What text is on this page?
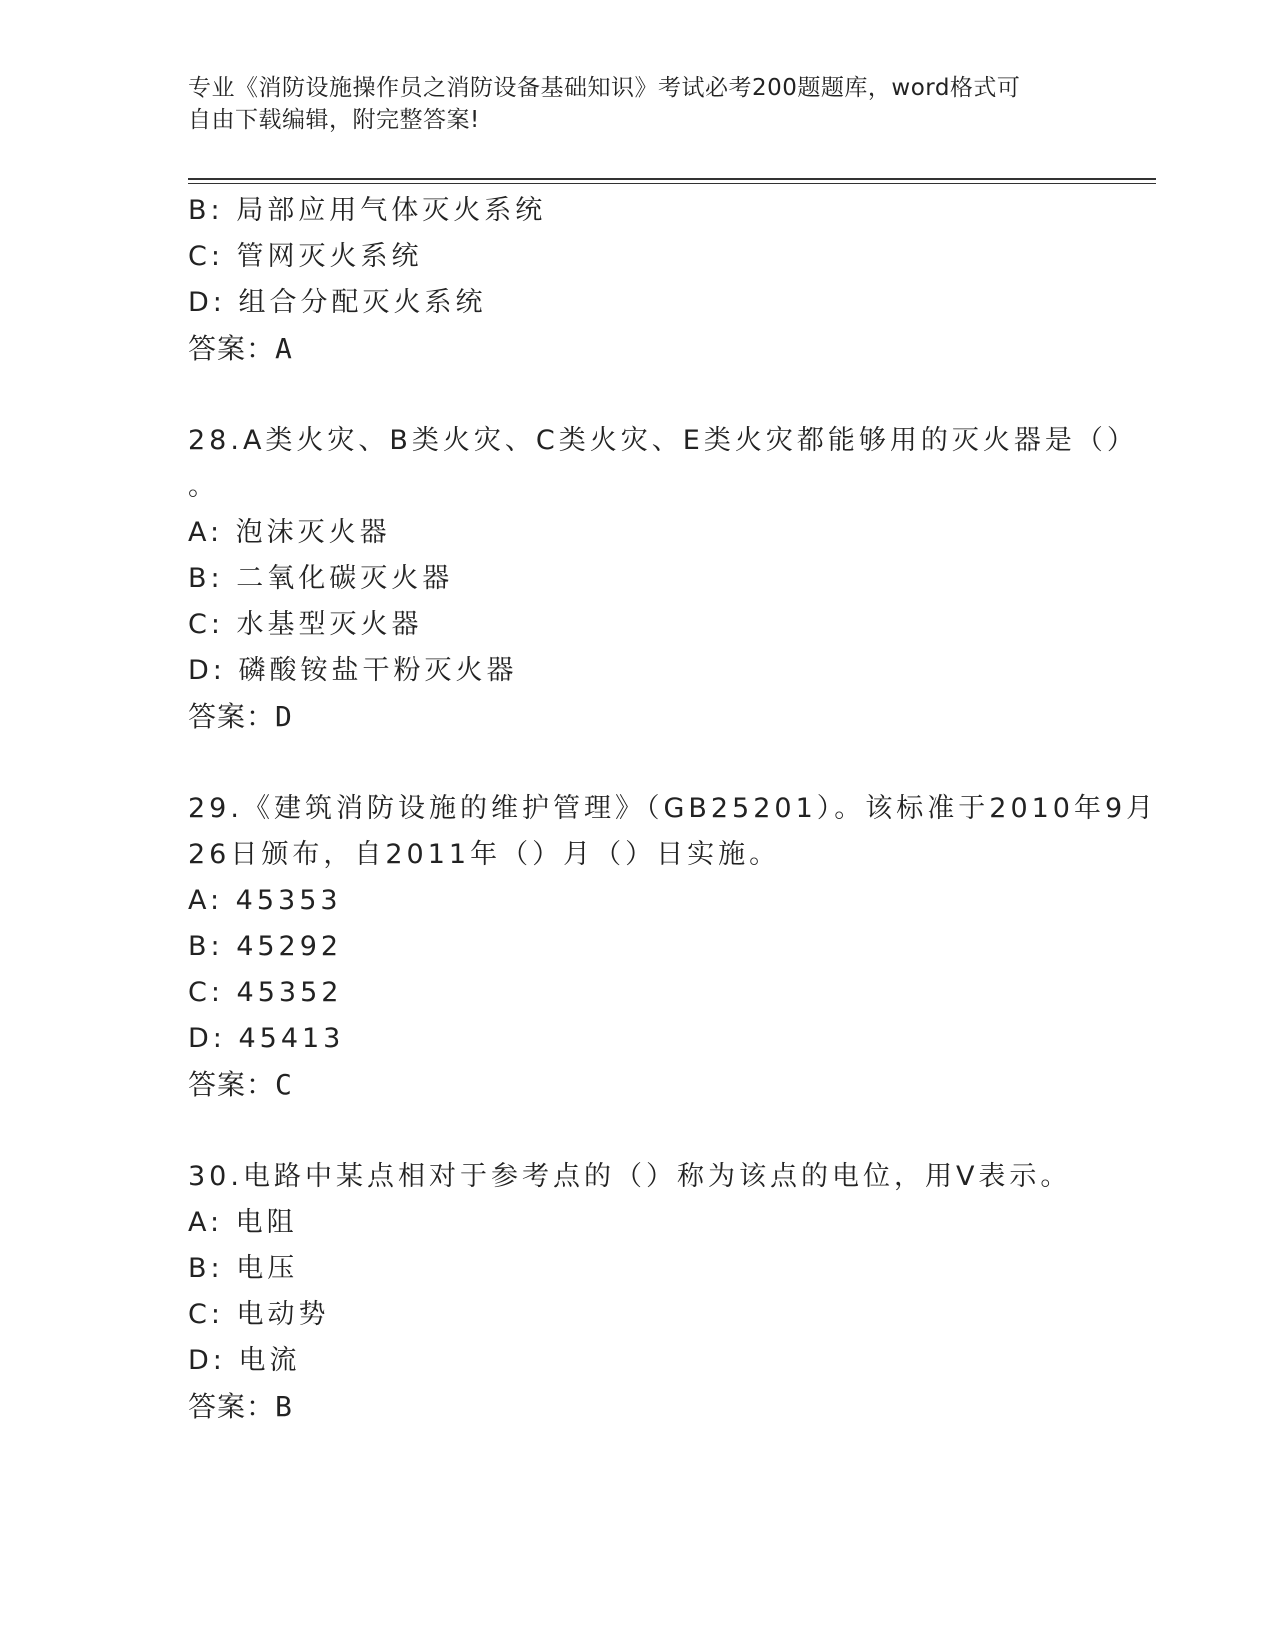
专业《消防设施操作员之消防设备基础知识》考试必考200题题库，word格式可
自由下载编辑，附完整答案!
B: 局部应用气体灭火系统
C: 管网灭火系统
D: 组合分配灭火系统
答案：A
28.A类火灾、B类火灾、C类火灾、E类火灾都能够用的灭火器是（）
。
A: 泡沫灭火器
B: 二氧化碳灭火器
C: 水基型灭火器
D: 磷酸铵盐干粉灭火器
答案：D
29.《建筑消防设施的维护管理》（GB25201）。该标准于2010年9月
26日颁布，自2011年（）月（）日实施。
A: 45353
B: 45292
C: 45352
D: 45413
答案：C
30.电路中某点相对于参考点的（）称为该点的电位，用V表示。
A: 电阻
B: 电压
C: 电动势
D: 电流
答案：B
